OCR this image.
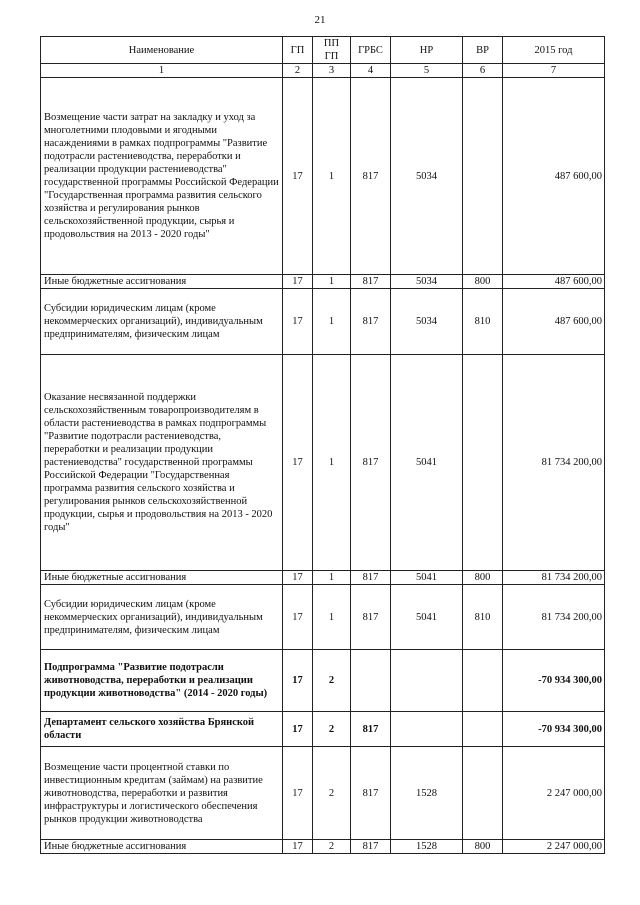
21
Наименование	ГП	ПП ГП	ГРБС	НР	ВР	2015 год
1	2	3	4	5	6	7
Возмещение части затрат на закладку и уход за многолетними плодовыми и ягодными насаждениями в рамках подпрограммы "Развитие подотрасли растениеводства, переработки и реализации продукции растениеводства" государственной программы Российской Федерации "Государственная программа развития сельского хозяйства и регулирования рынков сельскохозяйственной продукции, сырья и продовольствия на 2013 - 2020 годы"	17	1	817	5034		487 600,00
Иные бюджетные ассигнования	17	1	817	5034	800	487 600,00
Субсидии юридическим лицам (кроме некоммерческих организаций), индивидуальным предпринимателям, физическим лицам	17	1	817	5034	810	487 600,00
Оказание несвязанной поддержки сельскохозяйственным товаропроизводителям в области растениеводства в рамках подпрограммы "Развитие подотрасли растениеводства, переработки и реализации продукции растениеводства" государственной программы Российской Федерации "Государственная программа развития сельского хозяйства и регулирования рынков сельскохозяйственной продукции, сырья и продовольствия на 2013 - 2020 годы"	17	1	817	5041		81 734 200,00
Иные бюджетные ассигнования	17	1	817	5041	800	81 734 200,00
Субсидии юридическим лицам (кроме некоммерческих организаций), индивидуальным предпринимателям, физическим лицам	17	1	817	5041	810	81 734 200,00
Подпрограмма "Развитие подотрасли животноводства, переработки и реализации продукции животноводства" (2014 - 2020 годы)	17	2				-70 934 300,00
Департамент сельского хозяйства Брянской области	17	2	817			-70 934 300,00
Возмещение части процентной ставки по инвестиционным кредитам (займам) на развитие животноводства, переработки и развития инфраструктуры и логистического обеспечения рынков продукции животноводства	17	2	817	1528		2 247 000,00
Иные бюджетные ассигнования	17	2	817	1528	800	2 247 000,00
